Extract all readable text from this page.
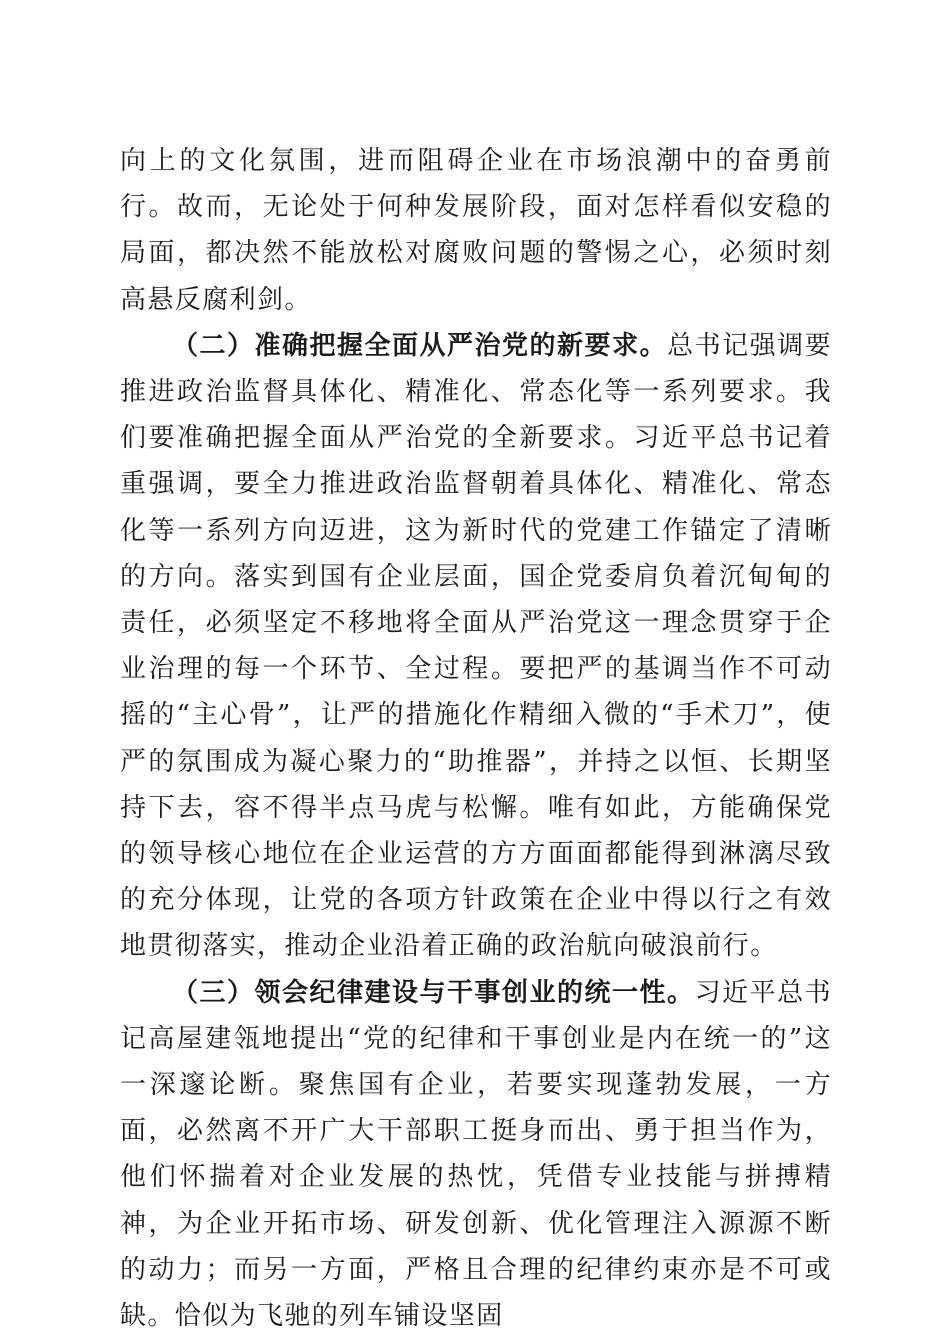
向上的文化氛围，进而阻碍企业在市场浪潮中的奋勇前行。故而，无论处于何种发展阶段，面对怎样看似安稳的局面，都决然不能放松对腐败问题的警惕之心，必须时刻高悬反腐利剑。

（二）准确把握全面从严治党的新要求。总书记强调要推进政治监督具体化、精准化、常态化等一系列要求。我们要准确把握全面从严治党的全新要求。习近平总书记着重强调，要全力推进政治监督朝着具体化、精准化、常态化等一系列方向迈进，这为新时代的党建工作锚定了清晰的方向。落实到国有企业层面，国企党委肩负着沉甸甸的责任，必须坚定不移地将全面从严治党这一理念贯穿于企业治理的每一个环节、全过程。要把严的基调当作不可动摇的“主心骨”，让严的措施化作精细入微的“手术刀”，使严的氛围成为凝心聚力的“助推器”，并持之以恒、长期坚持下去，容不得半点马虎与松懈。唯有如此，方能确保党的领导核心地位在企业运营的方方面面都能得到淋漓尽致的充分体现，让党的各项方针政策在企业中得以行之有效地贯彻落实，推动企业沿着正确的政治航向破浪前行。

（三）领会纪律建设与干事创业的统一性。习近平总书记高屋建瓴地提出“党的纪律和干事创业是内在统一的”这一深邃论断。聚焦国有企业，若要实现蓬勃发展，一方面，必然离不开广大干部职工挺身而出、勇于担当作为，他们怀揣着对企业发展的热忱，凭借专业技能与拼搏精神，为企业开拓市场、研发创新、优化管理注入源源不断的动力；而另一方面，严格且合理的纪律约束亦是不可或缺。恰似为飞驰的列车铺设坚固
